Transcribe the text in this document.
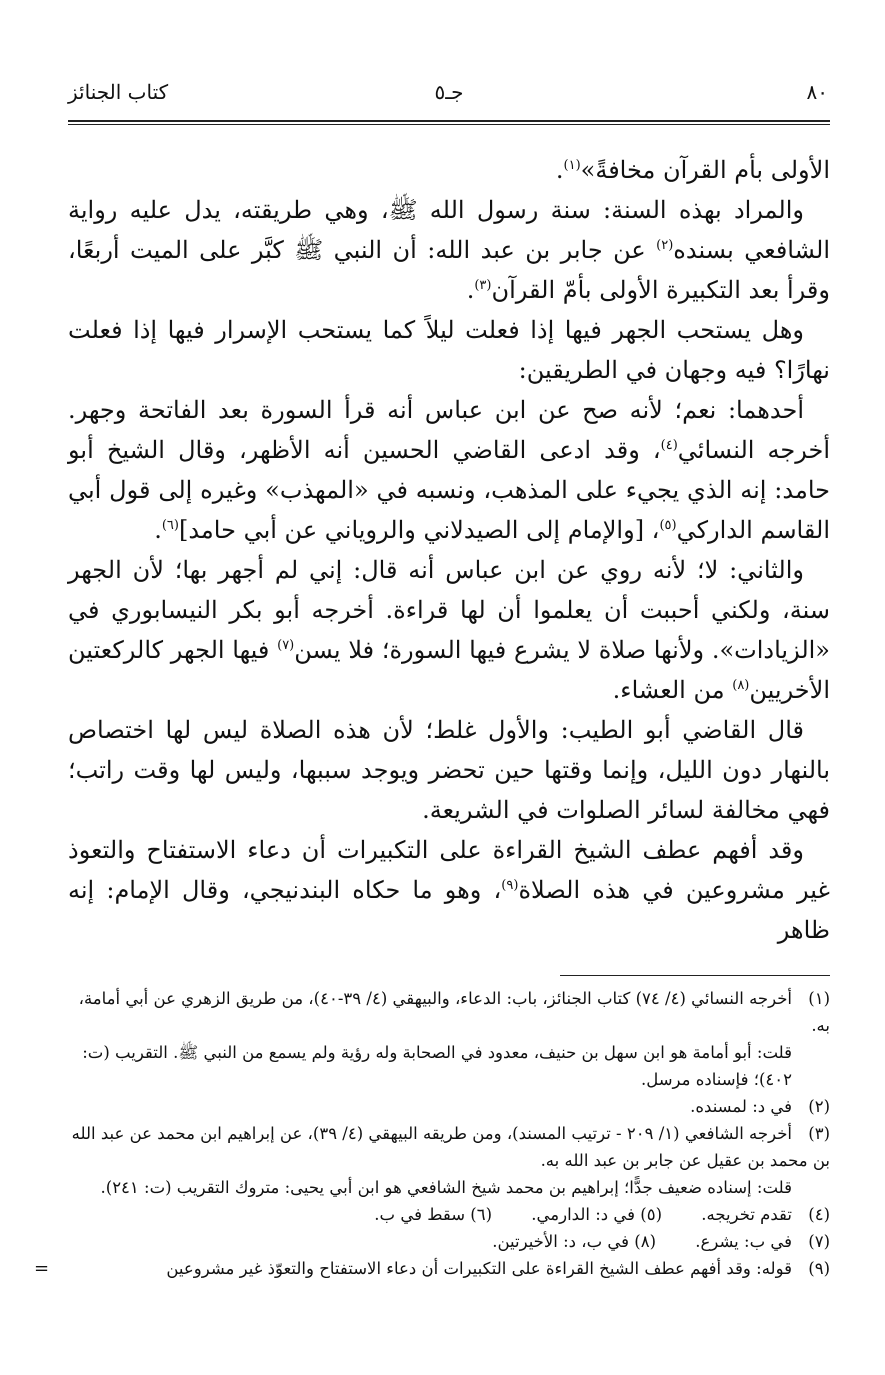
٨٠
جـ٥
كتاب الجنائز

الأولى بأم القرآن مخافةً»$^{(١)}$.

والمراد بهذه السنة: سنة رسول الله ﷺ، وهي طريقته، يدل عليه رواية الشافعي بسنده$^{(٢)}$ عن جابر بن عبد الله: أن النبي ﷺ كبَّر على الميت أربعًا، وقرأ بعد التكبيرة الأولى بأمّ القرآن$^{(٣)}$.

وهل يستحب الجهر فيها إذا فعلت ليلاً كما يستحب الإسرار فيها إذا فعلت نهارًا؟ فيه وجهان في الطريقين:

أحدهما: نعم؛ لأنه صح عن ابن عباس أنه قرأ السورة بعد الفاتحة وجهر. أخرجه النسائي$^{(٤)}$، وقد ادعى القاضي الحسين أنه الأظهر، وقال الشيخ أبو حامد: إنه الذي يجيء على المذهب، ونسبه في «المهذب» وغيره إلى قول أبي القاسم الداركي$^{(٥)}$، [والإمام إلى الصيدلاني والروياني عن أبي حامد]$^{(٦)}$.

والثاني: لا؛ لأنه روي عن ابن عباس أنه قال: إني لم أجهر بها؛ لأن الجهر سنة، ولكني أحببت أن يعلموا أن لها قراءة. أخرجه أبو بكر النيسابوري في «الزيادات». ولأنها صلاة لا يشرع فيها السورة؛ فلا يسن$^{(٧)}$ فيها الجهر كالركعتين الأخريين$^{(٨)}$ من العشاء.

قال القاضي أبو الطيب: والأول غلط؛ لأن هذه الصلاة ليس لها اختصاص بالنهار دون الليل، وإنما وقتها حين تحضر ويوجد سببها، وليس لها وقت راتب؛ فهي مخالفة لسائر الصلوات في الشريعة.

وقد أفهم عطف الشيخ القراءة على التكبيرات أن دعاء الاستفتاح والتعوذ غير مشروعين في هذه الصلاة$^{(٩)}$، وهو ما حكاه البندنيجي، وقال الإمام: إنه ظاهر

(١)أخرجه النسائي (٤/ ٧٤) كتاب الجنائز، باب: الدعاء، والبيهقي (٤/ ٣٩-٤٠)، من طريق الزهري عن أبي أمامة، به.

قلت: أبو أمامة هو ابن سهل بن حنيف، معدود في الصحابة وله رؤية ولم يسمع من النبي ﷺ. التقريب (ت: ٤٠٢)؛ فإسناده مرسل.

(٢)في د: لمسنده.

(٣)أخرجه الشافعي (١/ ٢٠٩ - ترتيب المسند)، ومن طريقه البيهقي (٤/ ٣٩)، عن إبراهيم ابن محمد عن عبد الله بن محمد بن عقيل عن جابر بن عبد الله به.

قلت: إسناده ضعيف جدًّا؛ إبراهيم بن محمد شيخ الشافعي هو ابن أبي يحيى: متروك التقريب (ت: ٢٤١).

(٤)تقدم تخريجه. (٥) في د: الدارمي. (٦) سقط في ب.

(٧)في ب: يشرع. (٨) في ب، د: الأخيرتين.

(٩)قوله: وقد أفهم عطف الشيخ القراءة على التكبيرات أن دعاء الاستفتاح والتعوّذ غير مشروعين
=
